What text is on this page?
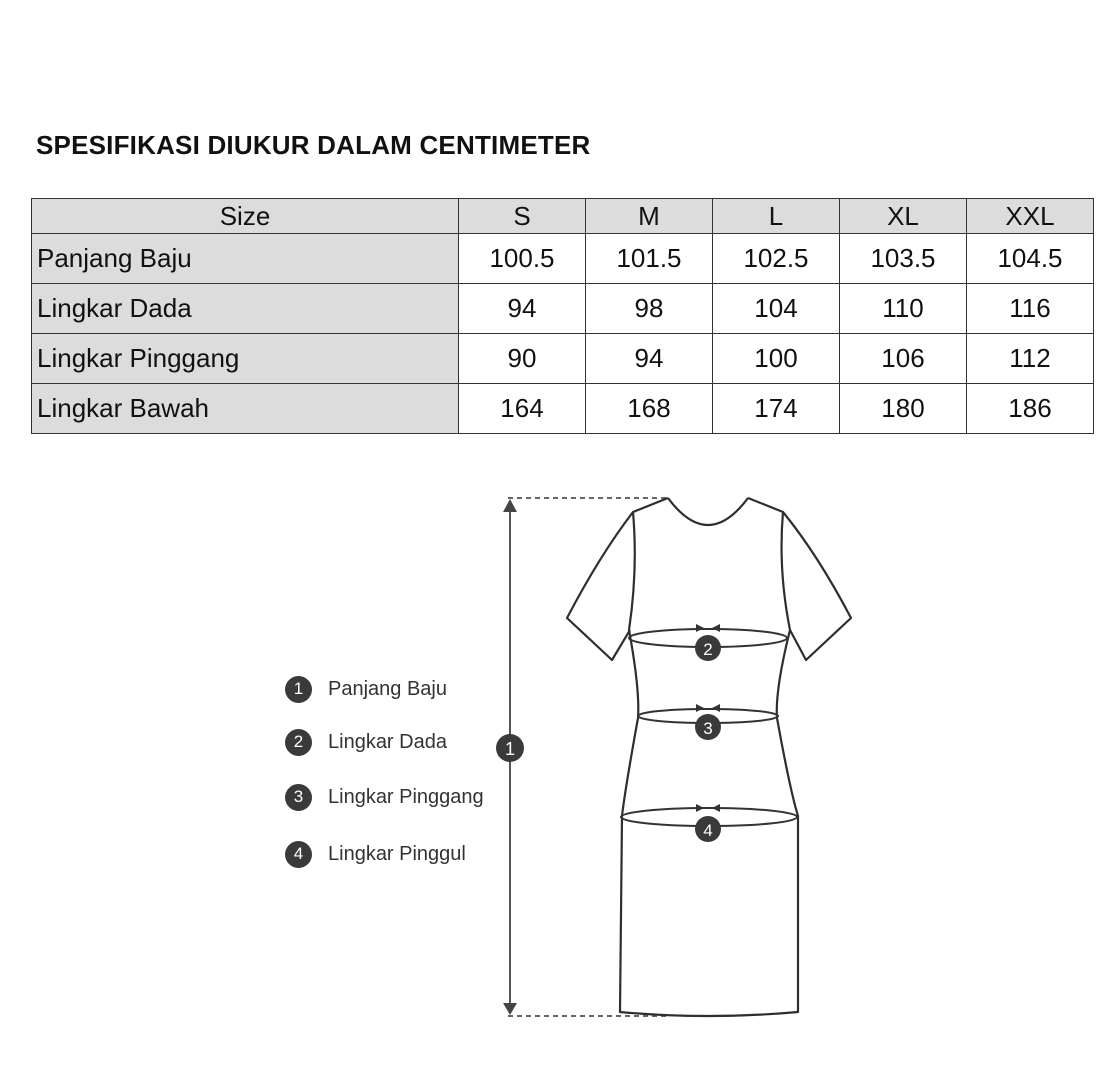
SPESIFIKASI DIUKUR DALAM CENTIMETER
Size	S	M	L	XL	XXL
Panjang Baju	100.5	101.5	102.5	103.5	104.5
Lingkar Dada	94	98	104	110	116
Lingkar Pinggang	90	94	100	106	112
Lingkar Bawah	164	168	174	180	186
1	Panjang Baju
2	Lingkar Dada
3	Lingkar Pinggang
4	Lingkar Pinggul
1
2
3
4
